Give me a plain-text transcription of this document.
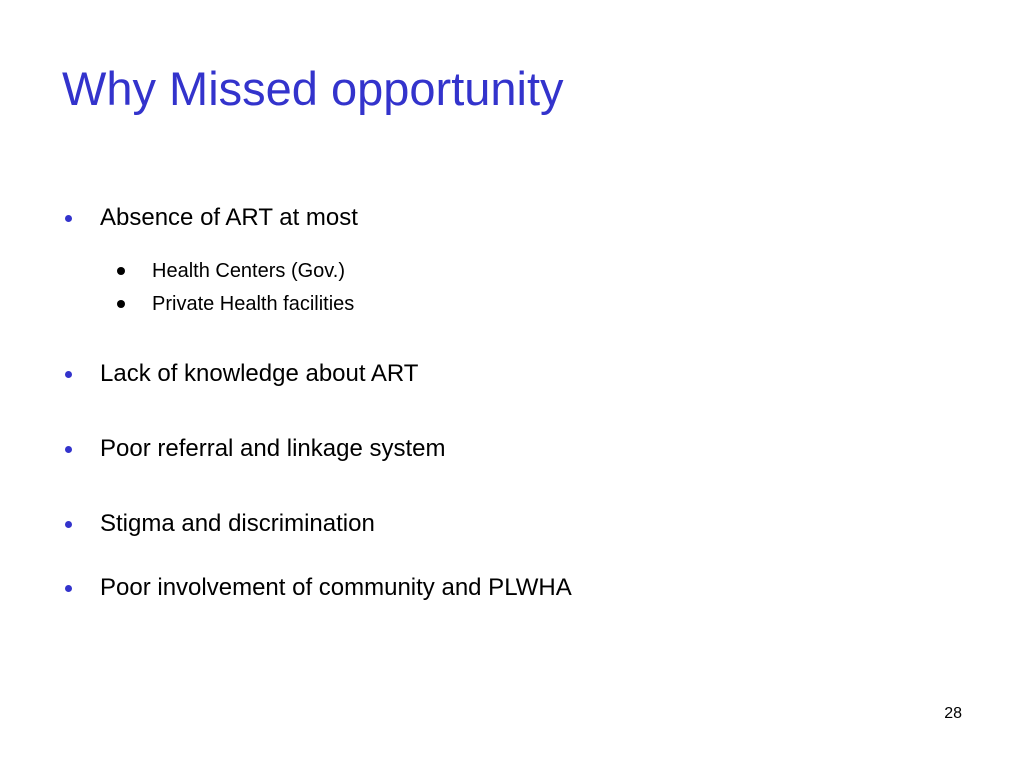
Why Missed opportunity
Absence of ART at most
Health Centers (Gov.)
Private Health facilities
Lack of knowledge about ART
Poor referral and linkage system
Stigma and discrimination
Poor involvement of community and PLWHA
28
